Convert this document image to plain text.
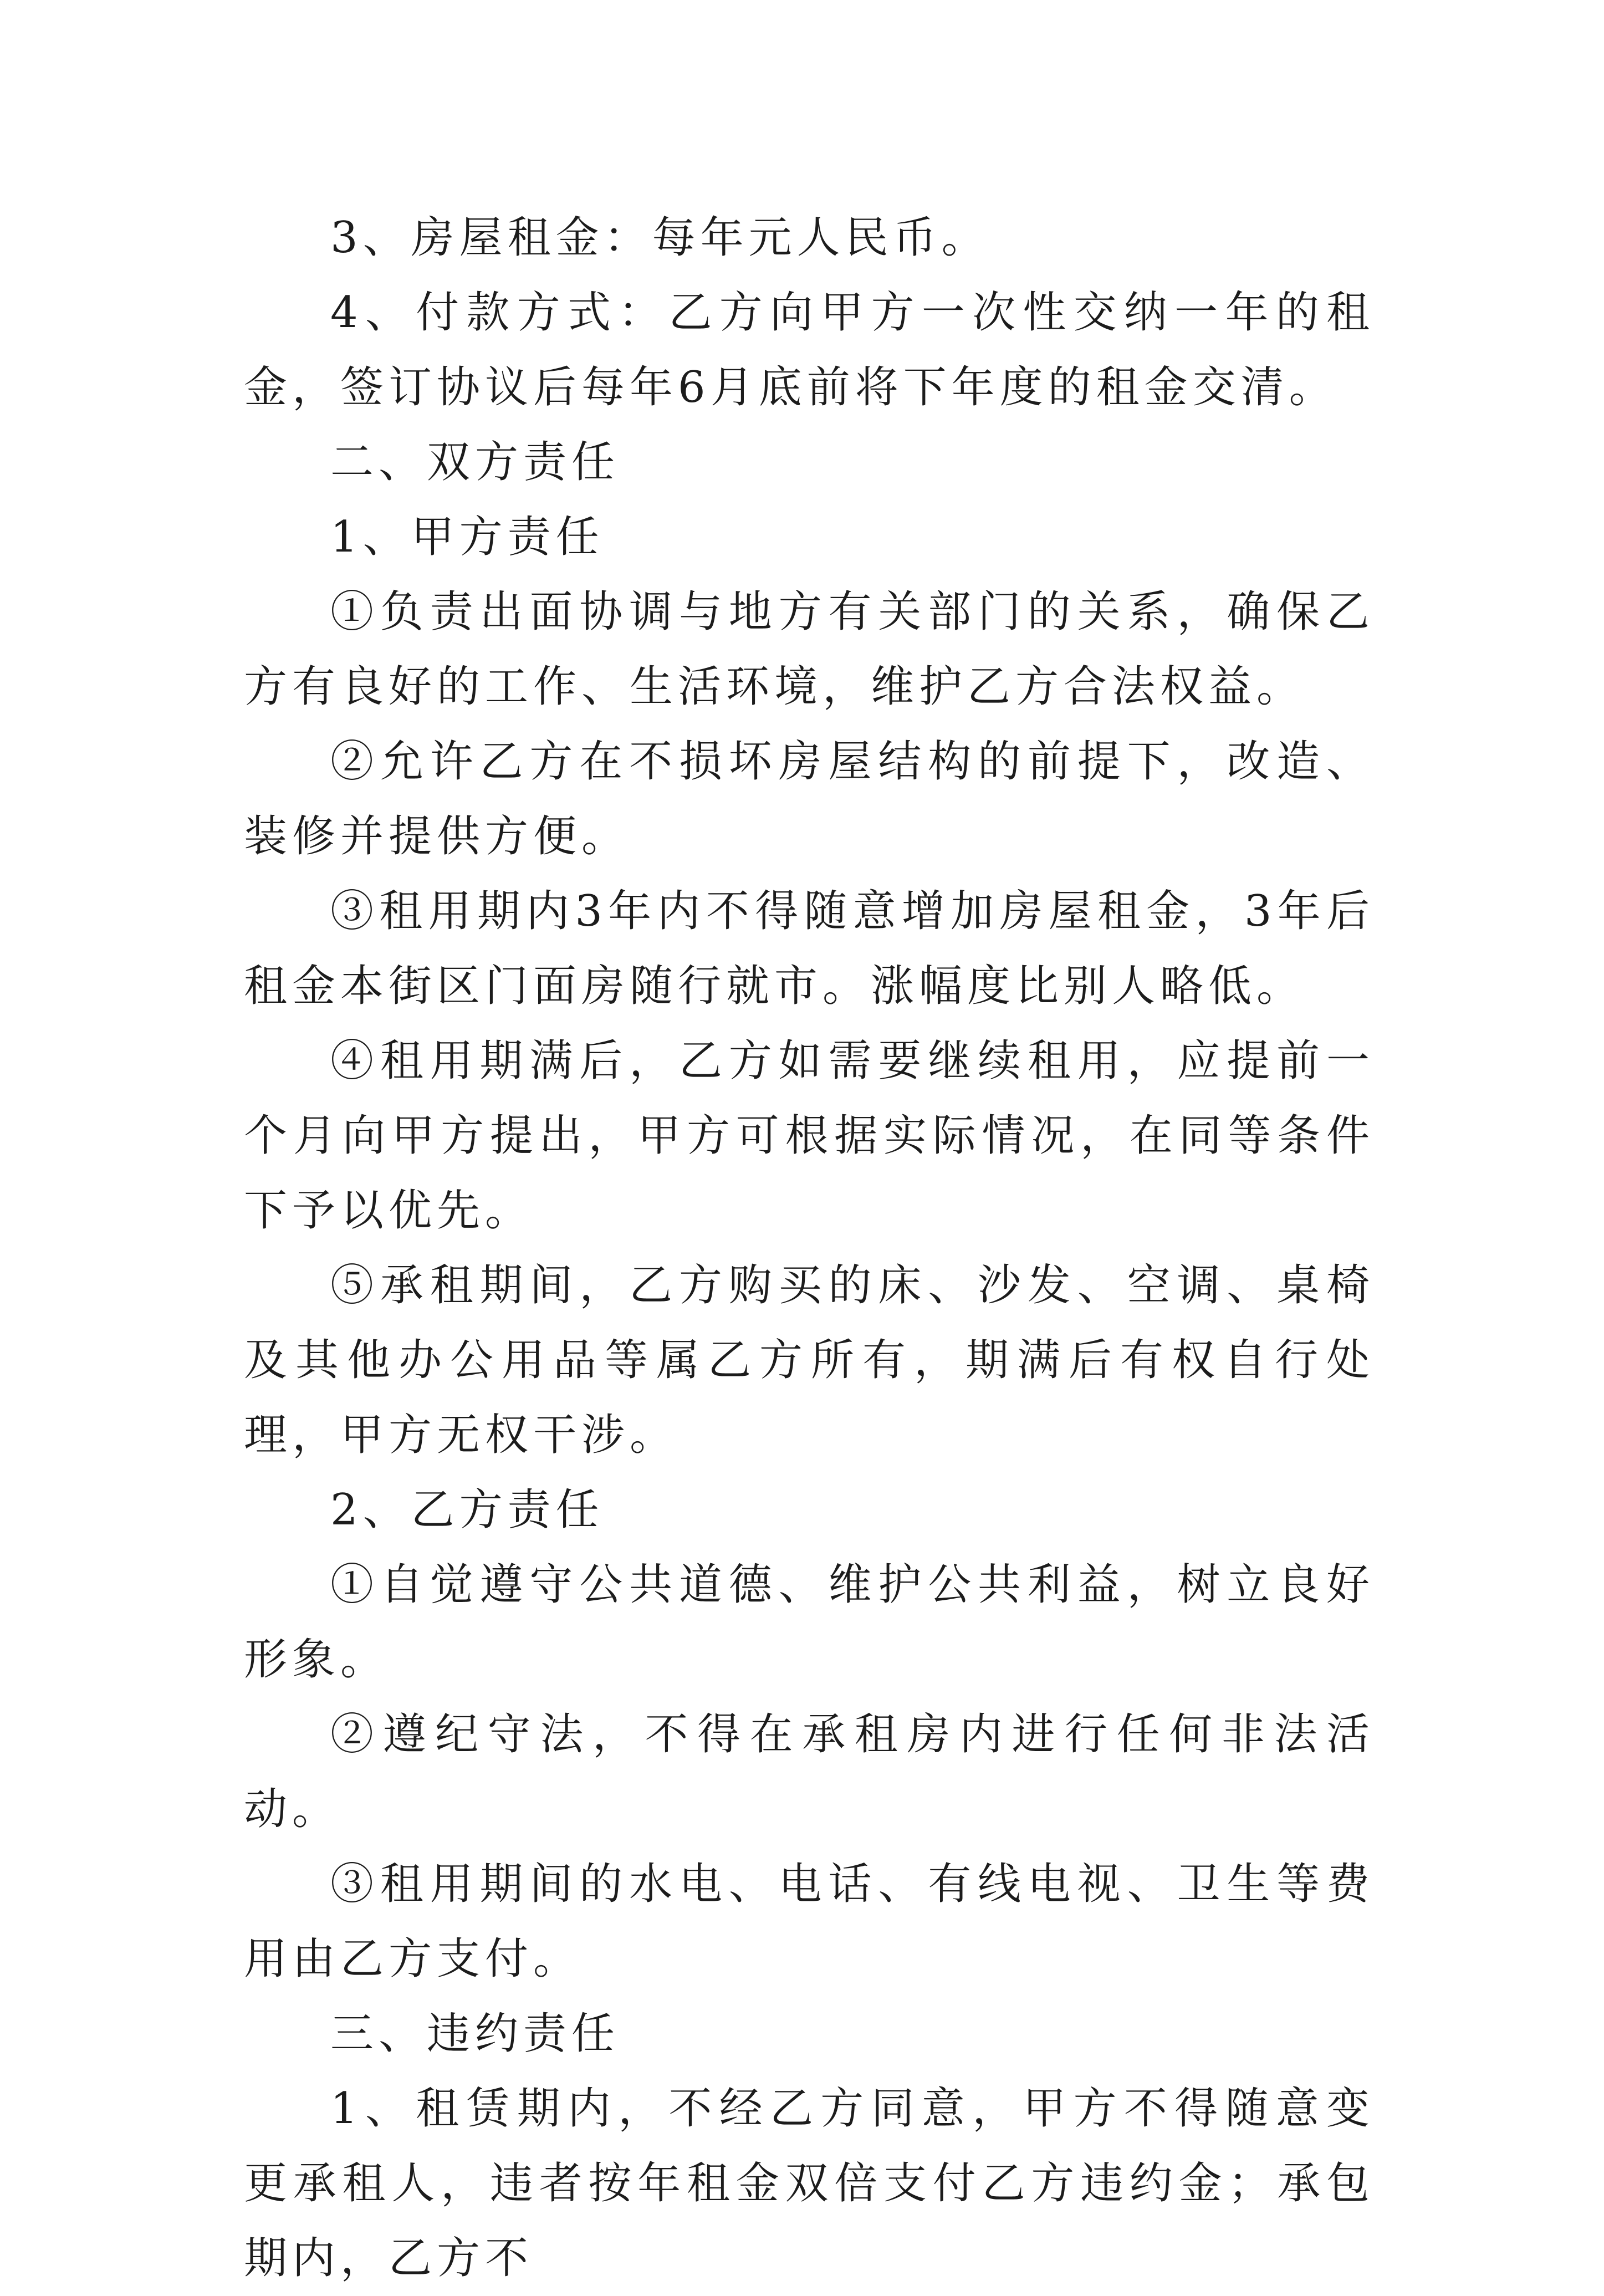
3、房屋租金：每年元人民币。

4、付款方式：乙方向甲方一次性交纳一年的租金，签订协议后每年6月底前将下年度的租金交清。

二、双方责任

1、甲方责任

①负责出面协调与地方有关部门的关系，确保乙方有良好的工作、生活环境，维护乙方合法权益。

②允许乙方在不损坏房屋结构的前提下，改造、装修并提供方便。

③租用期内3年内不得随意增加房屋租金，3年后租金本街区门面房随行就市。涨幅度比别人略低。

④租用期满后，乙方如需要继续租用，应提前一个月向甲方提出，甲方可根据实际情况，在同等条件下予以优先。

⑤承租期间，乙方购买的床、沙发、空调、桌椅及其他办公用品等属乙方所有，期满后有权自行处理，甲方无权干涉。

2、乙方责任

①自觉遵守公共道德、维护公共利益，树立良好形象。

②遵纪守法，不得在承租房内进行任何非法活动。

③租用期间的水电、电话、有线电视、卫生等费用由乙方支付。

三、违约责任

1、租赁期内，不经乙方同意，甲方不得随意变更承租人，违者按年租金双倍支付乙方违约金；承包期内，乙方不
